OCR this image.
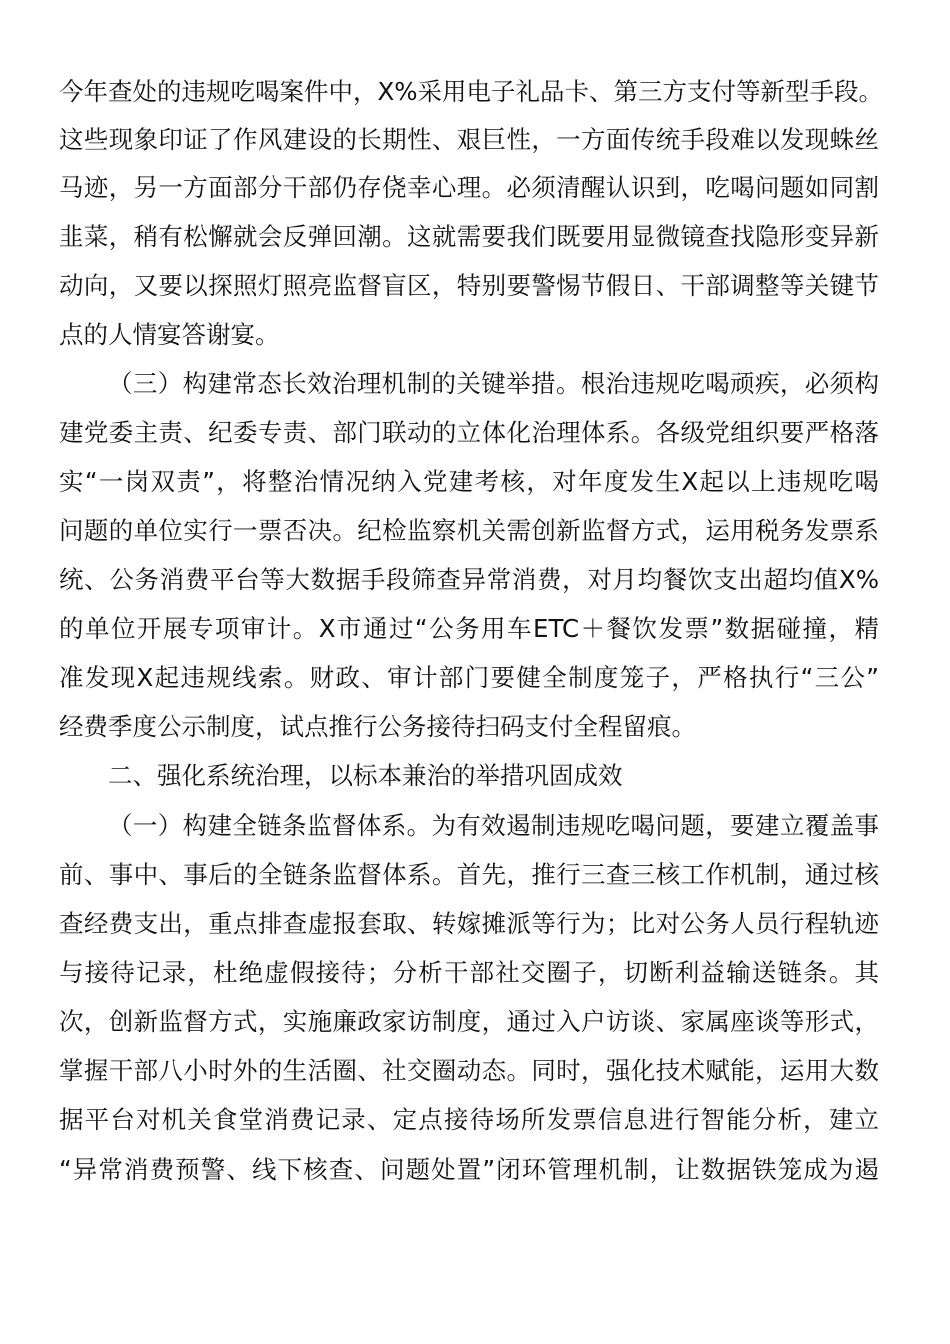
今年查处的违规吃喝案件中，X%采用电子礼品卡、第三方支付等新型手段。

这些现象印证了作风建设的长期性、艰巨性，一方面传统手段难以发现蛛丝

马迹，另一方面部分干部仍存侥幸心理。必须清醒认识到，吃喝问题如同割

韭菜，稍有松懈就会反弹回潮。这就需要我们既要用显微镜查找隐形变异新

动向，又要以探照灯照亮监督盲区，特别要警惕节假日、干部调整等关键节

点的人情宴答谢宴。

（三）构建常态长效治理机制的关键举措。根治违规吃喝顽疾，必须构

建党委主责、纪委专责、部门联动的立体化治理体系。各级党组织要严格落

实“一岗双责”，将整治情况纳入党建考核，对年度发生X起以上违规吃喝

问题的单位实行一票否决。纪检监察机关需创新监督方式，运用税务发票系

统、公务消费平台等大数据手段筛查异常消费，对月均餐饮支出超均值X%

的单位开展专项审计。X市通过“公务用车ETC＋餐饮发票”数据碰撞，精

准发现X起违规线索。财政、审计部门要健全制度笼子，严格执行“三公”

经费季度公示制度，试点推行公务接待扫码支付全程留痕。

二、强化系统治理，以标本兼治的举措巩固成效

（一）构建全链条监督体系。为有效遏制违规吃喝问题，要建立覆盖事

前、事中、事后的全链条监督体系。首先，推行三查三核工作机制，通过核

查经费支出，重点排查虚报套取、转嫁摊派等行为；比对公务人员行程轨迹

与接待记录，杜绝虚假接待；分析干部社交圈子，切断利益输送链条。其

次，创新监督方式，实施廉政家访制度，通过入户访谈、家属座谈等形式，

掌握干部八小时外的生活圈、社交圈动态。同时，强化技术赋能，运用大数

据平台对机关食堂消费记录、定点接待场所发票信息进行智能分析，建立

“异常消费预警、线下核查、问题处置”闭环管理机制，让数据铁笼成为遏
